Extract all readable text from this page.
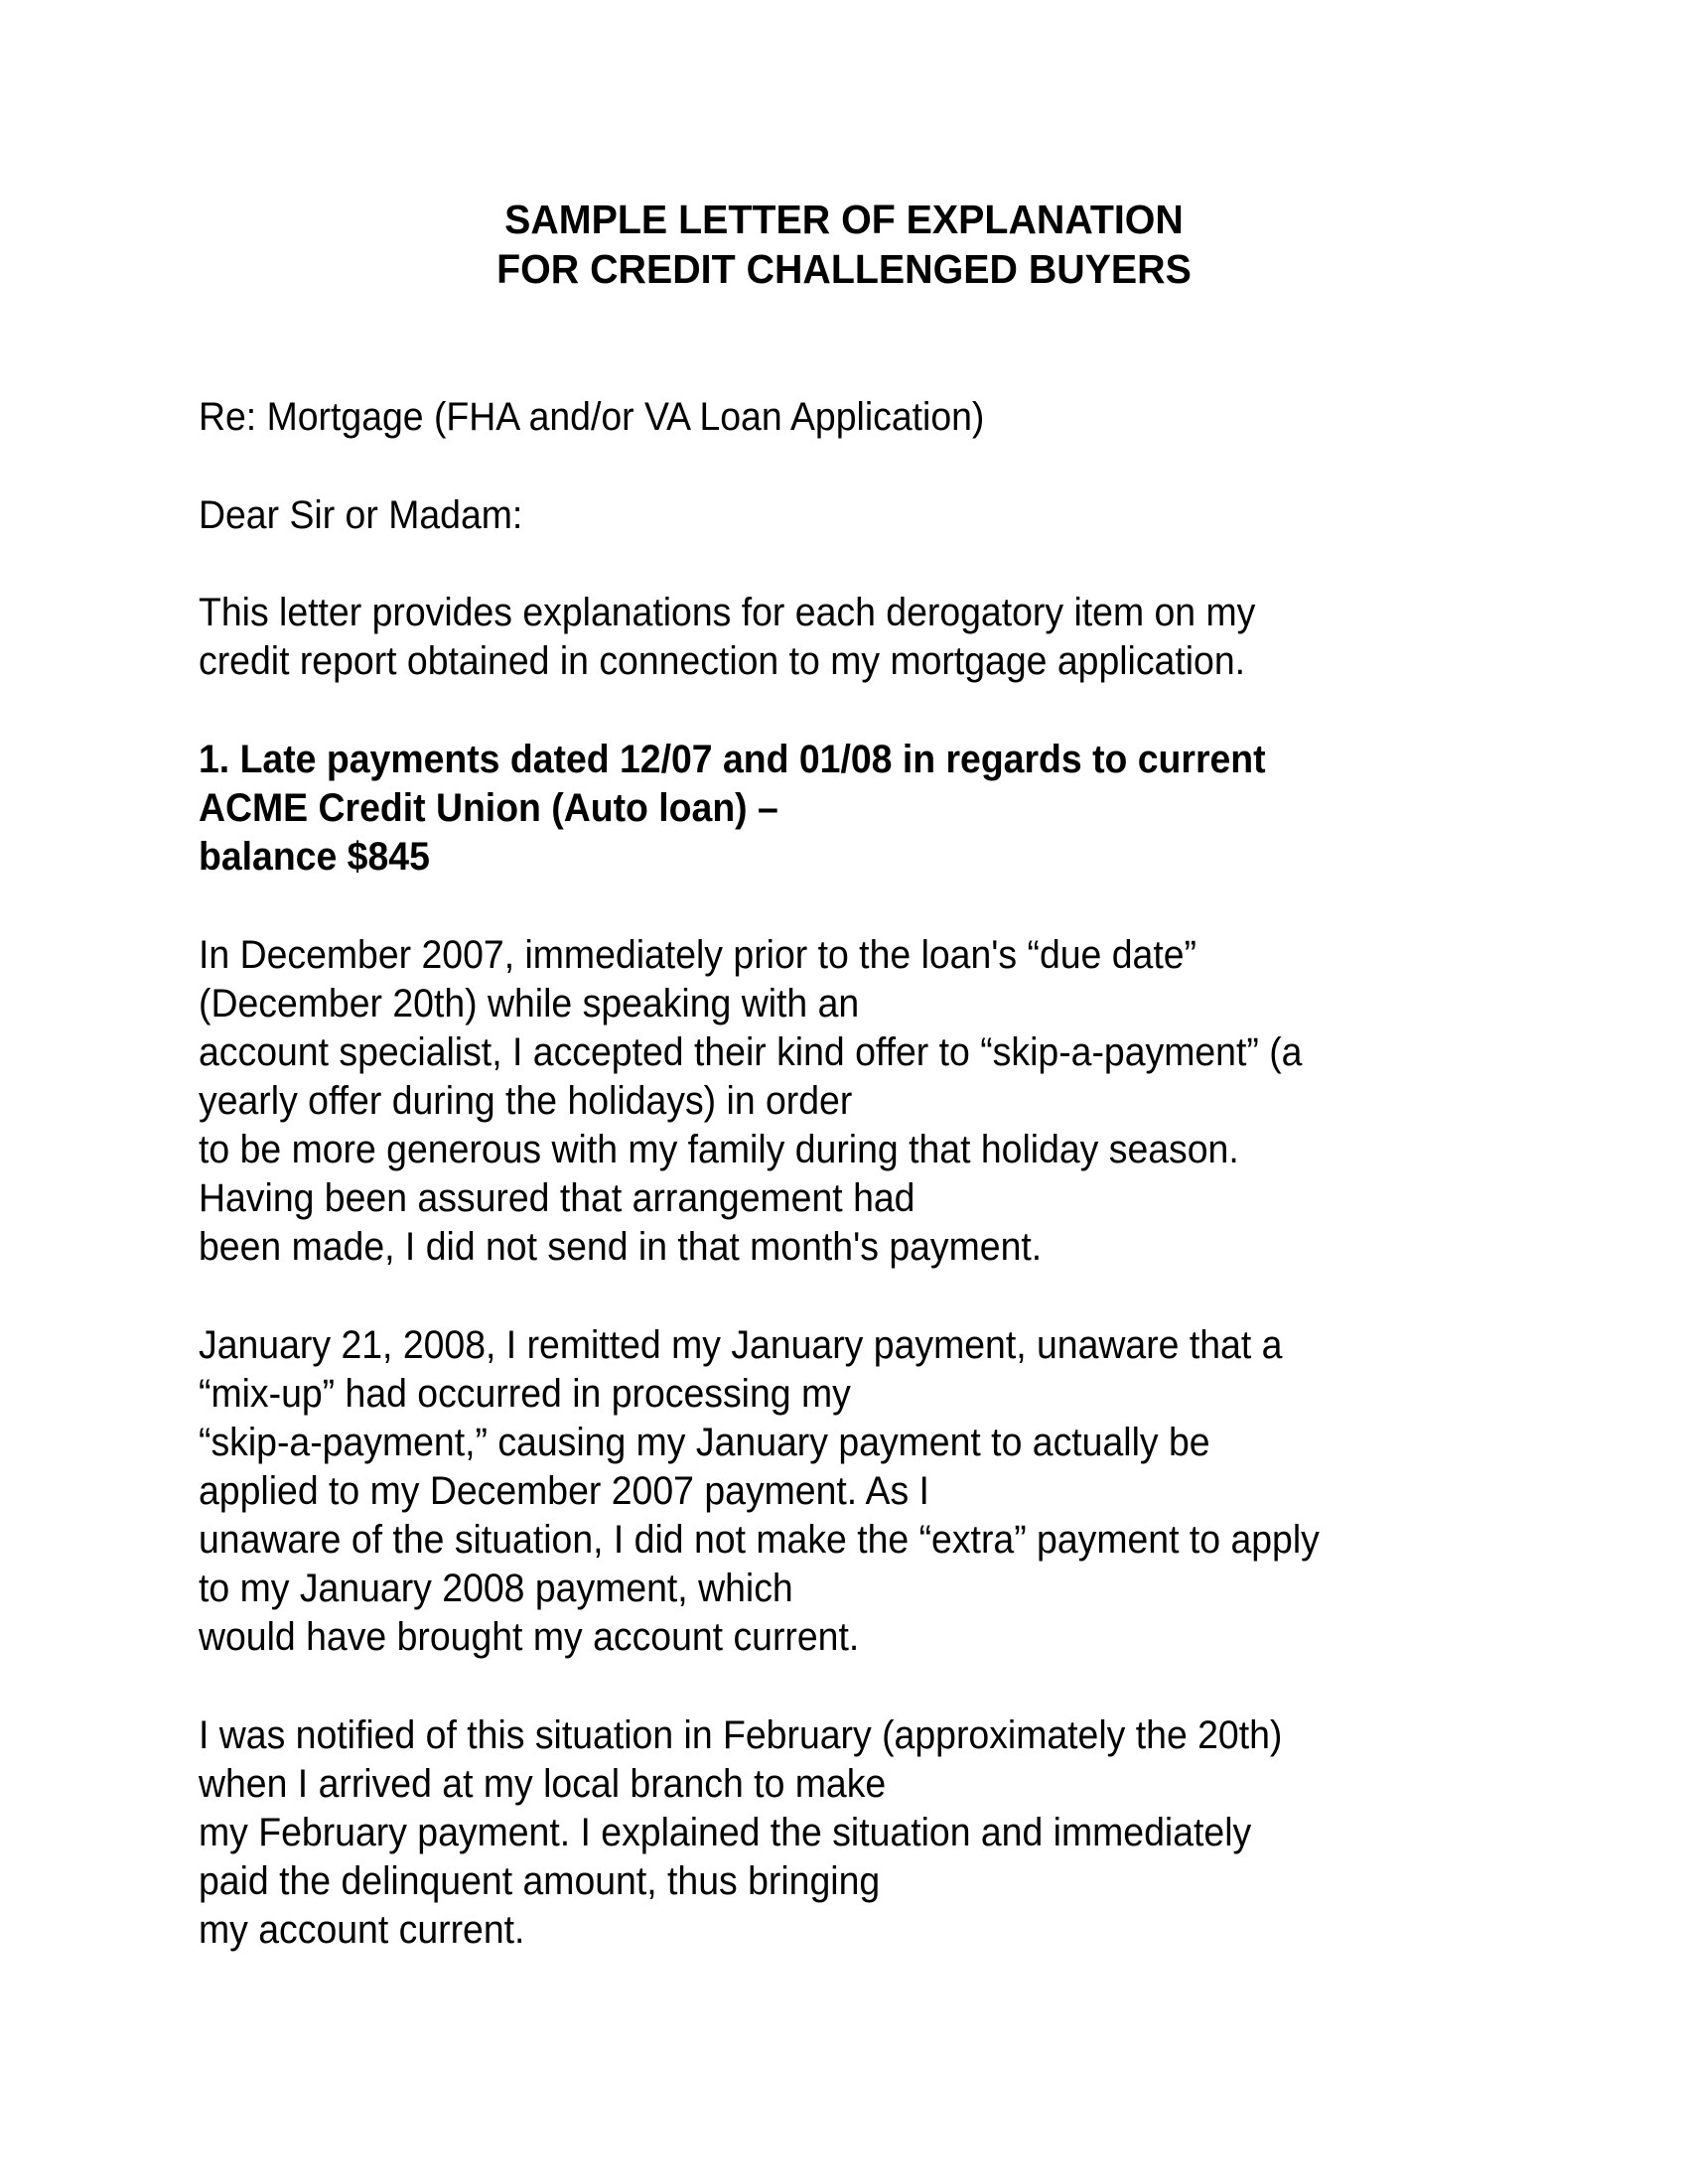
SAMPLE LETTER OF EXPLANATION
FOR CREDIT CHALLENGED BUYERS
Re: Mortgage (FHA and/or VA Loan Application)
Dear Sir or Madam:
This letter provides explanations for each derogatory item on my
credit report obtained in connection to my mortgage application.
1. Late payments dated 12/07 and 01/08 in regards to current
ACME Credit Union (Auto loan) –
balance $845
In December 2007, immediately prior to the loan's “due date”
(December 20th) while speaking with an
account specialist, I accepted their kind offer to “skip-a-payment” (a
yearly offer during the holidays) in order
to be more generous with my family during that holiday season.
Having been assured that arrangement had
been made, I did not send in that month's payment.
January 21, 2008, I remitted my January payment, unaware that a
“mix-up” had occurred in processing my
“skip-a-payment,” causing my January payment to actually be
applied to my December 2007 payment. As I
unaware of the situation, I did not make the “extra” payment to apply
to my January 2008 payment, which
would have brought my account current.
I was notified of this situation in February (approximately the 20th)
when I arrived at my local branch to make
my February payment. I explained the situation and immediately
paid the delinquent amount, thus bringing
my account current.
